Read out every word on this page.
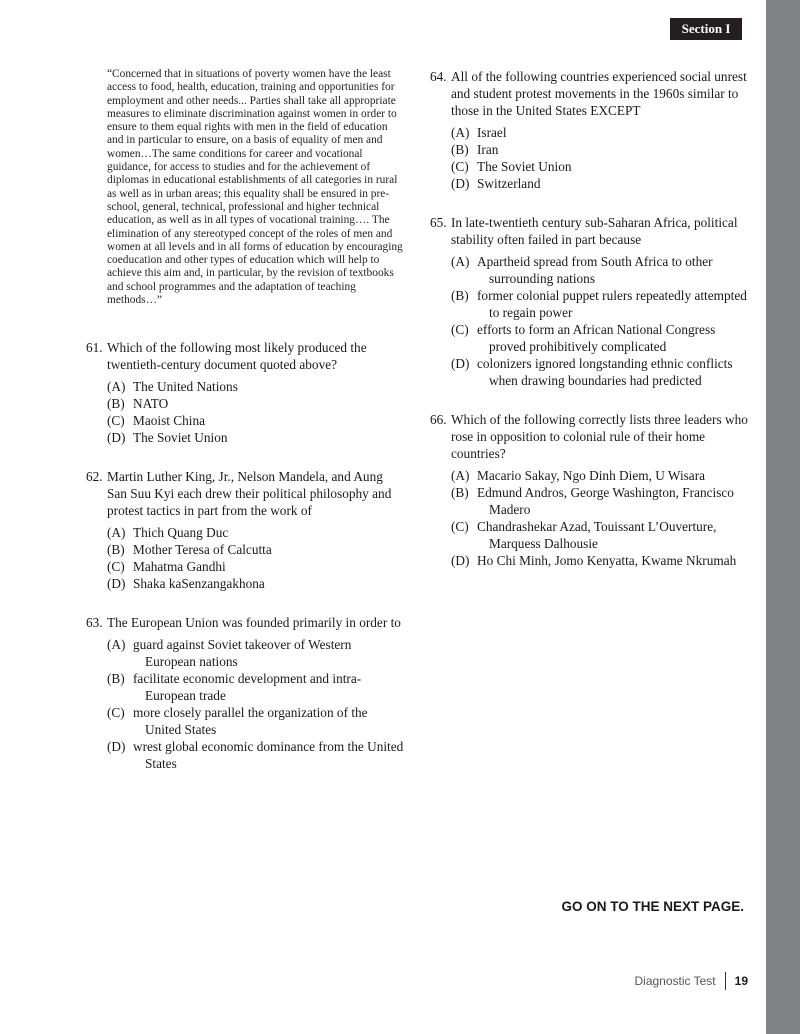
Section I

“Concerned that in situations of poverty women have the least access to food, health, education, training and opportunities for employment and other needs... Parties shall take all appropriate measures to eliminate discrimination against women in order to ensure to them equal rights with men in the field of education and in particular to ensure, on a basis of equality of men and women…The same conditions for career and vocational guidance, for access to studies and for the achievement of diplomas in educational establishments of all categories in rural as well as in urban areas; this equality shall be ensured in pre-school, general, technical, professional and higher technical education, as well as in all types of vocational training…. The elimination of any stereotyped concept of the roles of men and women at all levels and in all forms of education by encouraging coeducation and other types of education which will help to achieve this aim and, in particular, by the revision of textbooks and school programmes and the adaptation of teaching methods…”

61. Which of the following most likely produced the twentieth-century document quoted above?

(A) The United Nations
(B) NATO
(C) Maoist China
(D) The Soviet Union
62. Martin Luther King, Jr., Nelson Mandela, and Aung San Suu Kyi each drew their political philosophy and protest tactics in part from the work of

(A) Thich Quang Duc
(B) Mother Teresa of Calcutta
(C) Mahatma Gandhi
(D) Shaka kaSenzangakhona
63. The European Union was founded primarily in order to

(A) guard against Soviet takeover of Western European nations
(B) facilitate economic development and intra-European trade
(C) more closely parallel the organization of the United States
(D) wrest global economic dominance from the United States
64. All of the following countries experienced social unrest and student protest movements in the 1960s similar to those in the United States EXCEPT

(A) Israel
(B) Iran
(C) The Soviet Union
(D) Switzerland
65. In late-twentieth century sub-Saharan Africa, political stability often failed in part because

(A) Apartheid spread from South Africa to other surrounding nations
(B) former colonial puppet rulers repeatedly attempted to regain power
(C) efforts to form an African National Congress proved prohibitively complicated
(D) colonizers ignored longstanding ethnic conflicts when drawing boundaries had predicted
66. Which of the following correctly lists three leaders who rose in opposition to colonial rule of their home countries?

(A) Macario Sakay, Ngo Dinh Diem, U Wisara
(B) Edmund Andros, George Washington, Francisco Madero
(C) Chandrashekar Azad, Touissant L’Ouverture, Marquess Dalhousie
(D) Ho Chi Minh, Jomo Kenyatta, Kwame Nkrumah
GO ON TO THE NEXT PAGE.
Diagnostic Test 19
